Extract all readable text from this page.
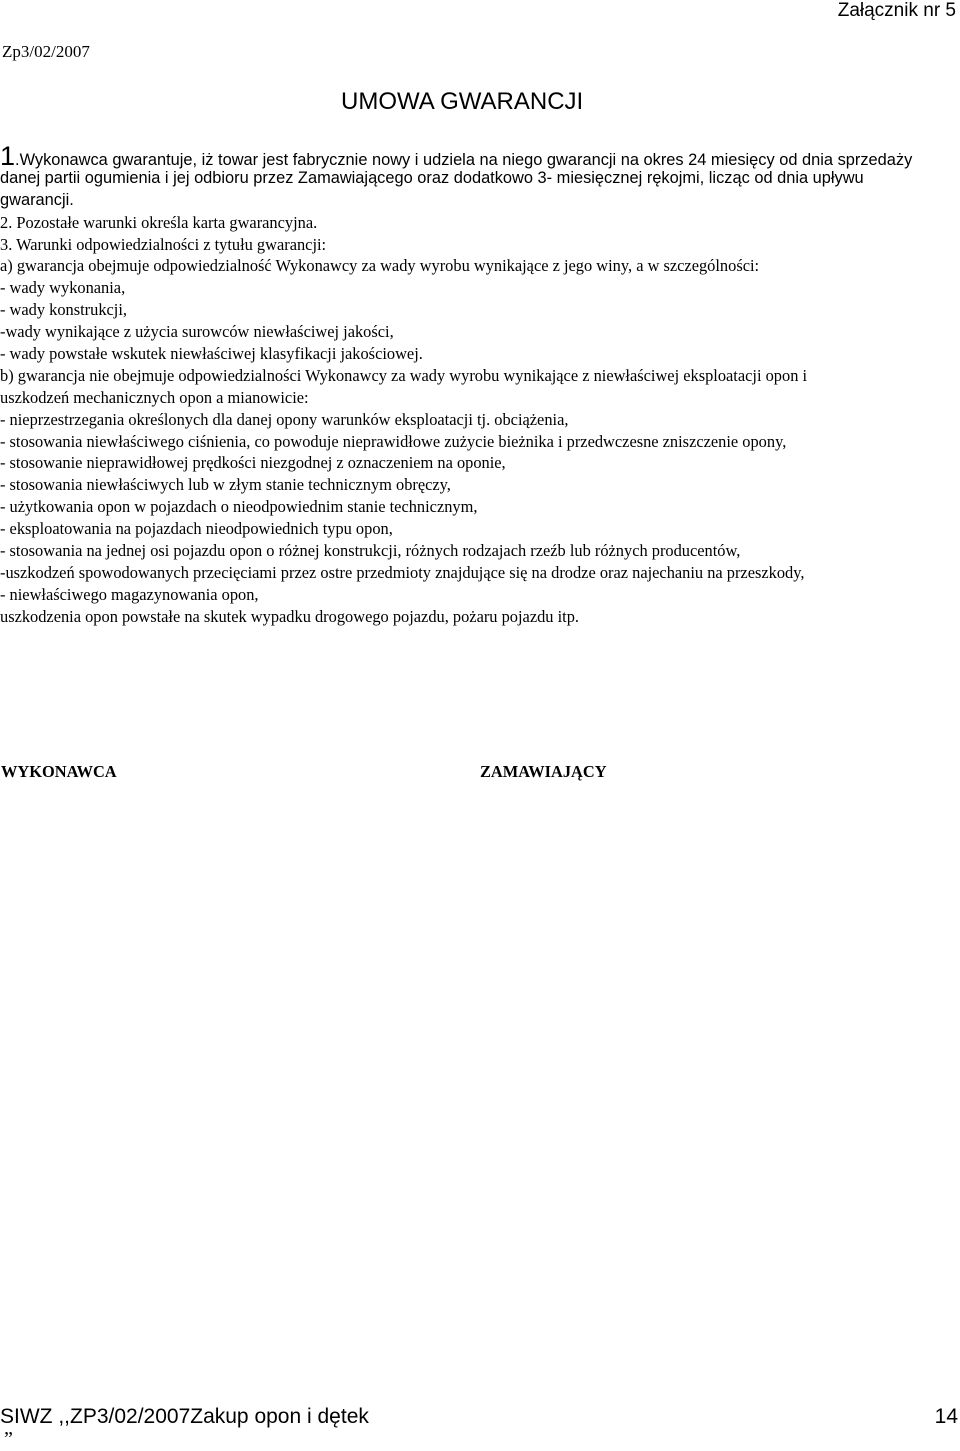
Załącznik nr 5
Zp3/02/2007
UMOWA GWARANCJI
1.Wykonawca gwarantuje, iż towar jest fabrycznie nowy i udziela na niego gwarancji na okres 24 miesięcy od dnia sprzedaży
danej partii ogumienia i jej odbioru przez Zamawiającego oraz dodatkowo 3- miesięcznej rękojmi, licząc od dnia upływu
gwarancji.
2. Pozostałe warunki określa karta gwarancyjna.
3. Warunki odpowiedzialności z tytułu gwarancji:
a) gwarancja obejmuje odpowiedzialność Wykonawcy za wady wyrobu wynikające z jego winy, a w szczególności:
- wady wykonania,
- wady konstrukcji,
-wady wynikające z użycia surowców niewłaściwej jakości,
- wady powstałe wskutek niewłaściwej klasyfikacji jakościowej.
b) gwarancja nie obejmuje odpowiedzialności Wykonawcy za wady wyrobu wynikające z niewłaściwej eksploatacji opon i
uszkodzeń mechanicznych opon a mianowicie:
- nieprzestrzegania określonych dla danej opony warunków eksploatacji tj. obciążenia,
- stosowania niewłaściwego ciśnienia, co powoduje nieprawidłowe zużycie bieżnika i przedwczesne zniszczenie opony,
- stosowanie nieprawidłowej prędkości niezgodnej z oznaczeniem na oponie,
- stosowania niewłaściwych lub w złym stanie technicznym obręczy,
- użytkowania opon w pojazdach o nieodpowiednim stanie technicznym,
- eksploatowania na pojazdach nieodpowiednich typu opon,
- stosowania na jednej osi pojazdu opon o różnej konstrukcji, różnych rodzajach rzeźb lub różnych producentów,
-uszkodzeń spowodowanych przecięciami przez ostre przedmioty znajdujące się na drodze oraz najechaniu na przeszkody,
- niewłaściwego magazynowania opon,
uszkodzenia opon powstałe na skutek wypadku drogowego pojazdu, pożaru pojazdu itp.
WYKONAWCA	ZAMAWIAJĄCY
SIWZ ,,ZP3/02/2007Zakup opon i dętek	14
”
